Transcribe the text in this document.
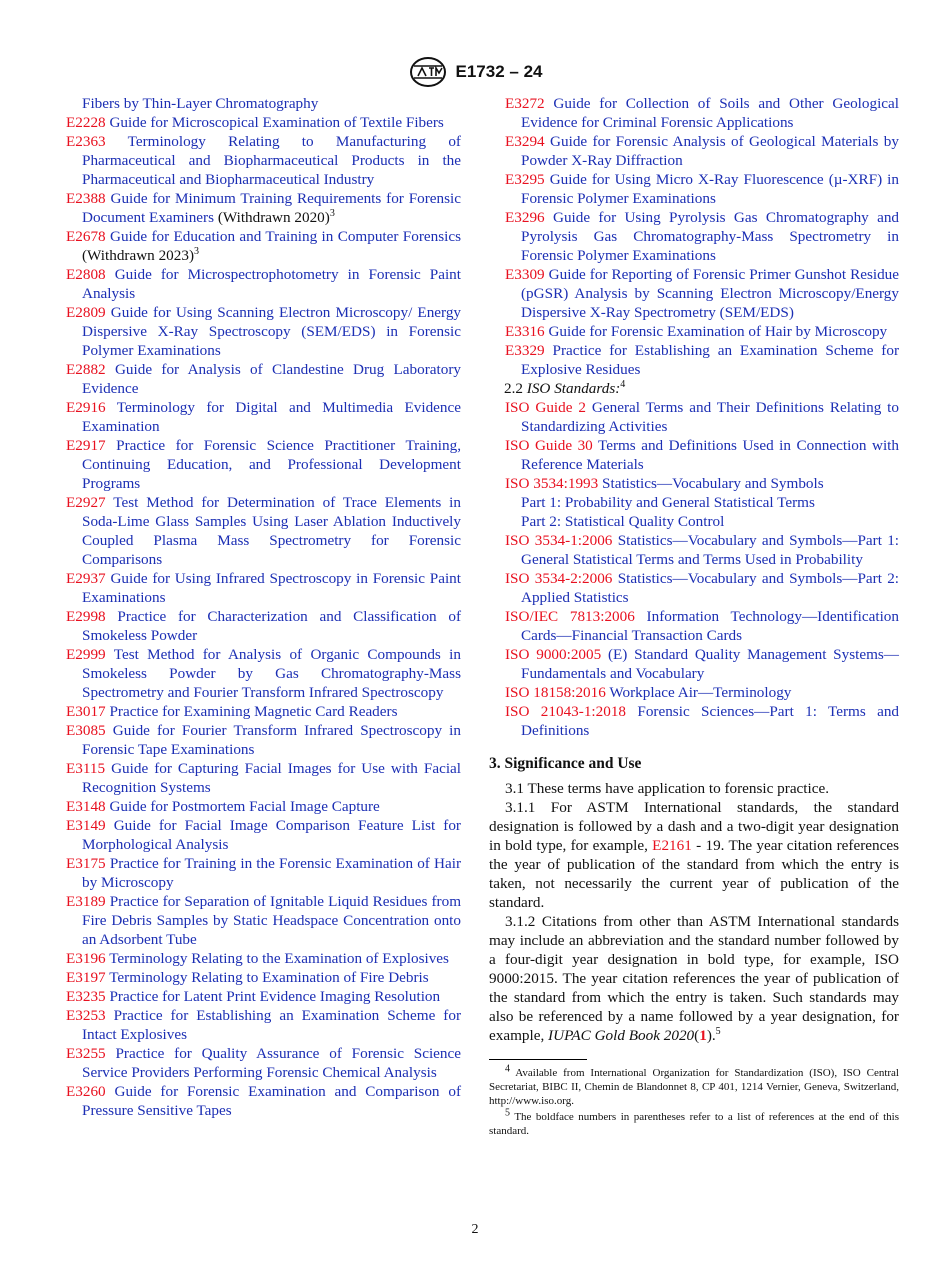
E1732 – 24

Fibers by Thin-Layer Chromatography

E2228 Guide for Microscopical Examination of Textile Fibers

E2363 Terminology Relating to Manufacturing of Pharmaceutical and Biopharmaceutical Products in the Pharmaceutical and Biopharmaceutical Industry

E2388 Guide for Minimum Training Requirements for Forensic Document Examiners (Withdrawn 2020)$^3$

E2678 Guide for Education and Training in Computer Forensics (Withdrawn 2023)$^3$

E2808 Guide for Microspectrophotometry in Forensic Paint Analysis

E2809 Guide for Using Scanning Electron Microscopy/ Energy Dispersive X-Ray Spectroscopy (SEM/EDS) in Forensic Polymer Examinations

E2882 Guide for Analysis of Clandestine Drug Laboratory Evidence

E2916 Terminology for Digital and Multimedia Evidence Examination

E2917 Practice for Forensic Science Practitioner Training, Continuing Education, and Professional Development Programs

E2927 Test Method for Determination of Trace Elements in Soda-Lime Glass Samples Using Laser Ablation Inductively Coupled Plasma Mass Spectrometry for Forensic Comparisons

E2937 Guide for Using Infrared Spectroscopy in Forensic Paint Examinations

E2998 Practice for Characterization and Classification of Smokeless Powder

E2999 Test Method for Analysis of Organic Compounds in Smokeless Powder by Gas Chromatography-Mass Spectrometry and Fourier Transform Infrared Spectroscopy

E3017 Practice for Examining Magnetic Card Readers

E3085 Guide for Fourier Transform Infrared Spectroscopy in Forensic Tape Examinations

E3115 Guide for Capturing Facial Images for Use with Facial Recognition Systems

E3148 Guide for Postmortem Facial Image Capture

E3149 Guide for Facial Image Comparison Feature List for Morphological Analysis

E3175 Practice for Training in the Forensic Examination of Hair by Microscopy

E3189 Practice for Separation of Ignitable Liquid Residues from Fire Debris Samples by Static Headspace Concentration onto an Adsorbent Tube

E3196 Terminology Relating to the Examination of Explosives

E3197 Terminology Relating to Examination of Fire Debris

E3235 Practice for Latent Print Evidence Imaging Resolution

E3253 Practice for Establishing an Examination Scheme for Intact Explosives

E3255 Practice for Quality Assurance of Forensic Science Service Providers Performing Forensic Chemical Analysis

E3260 Guide for Forensic Examination and Comparison of Pressure Sensitive Tapes

E3272 Guide for Collection of Soils and Other Geological Evidence for Criminal Forensic Applications

E3294 Guide for Forensic Analysis of Geological Materials by Powder X-Ray Diffraction

E3295 Guide for Using Micro X-Ray Fluorescence (µ-XRF) in Forensic Polymer Examinations

E3296 Guide for Using Pyrolysis Gas Chromatography and Pyrolysis Gas Chromatography-Mass Spectrometry in Forensic Polymer Examinations

E3309 Guide for Reporting of Forensic Primer Gunshot Residue (pGSR) Analysis by Scanning Electron Microscopy/Energy Dispersive X-Ray Spectrometry (SEM/EDS)

E3316 Guide for Forensic Examination of Hair by Microscopy

E3329 Practice for Establishing an Examination Scheme for Explosive Residues

2.2 ISO Standards:$^4$

ISO Guide 2 General Terms and Their Definitions Relating to Standardizing Activities

ISO Guide 30 Terms and Definitions Used in Connection with Reference Materials

ISO 3534:1993 Statistics—Vocabulary and Symbols

Part 1: Probability and General Statistical Terms

Part 2: Statistical Quality Control

ISO 3534-1:2006 Statistics—Vocabulary and Symbols—Part 1: General Statistical Terms and Terms Used in Probability

ISO 3534-2:2006 Statistics—Vocabulary and Symbols—Part 2: Applied Statistics

ISO/IEC 7813:2006 Information Technology—Identification Cards—Financial Transaction Cards

ISO 9000:2005 (E) Standard Quality Management Systems—Fundamentals and Vocabulary

ISO 18158:2016 Workplace Air—Terminology

ISO 21043-1:2018 Forensic Sciences—Part 1: Terms and Definitions

3. Significance and Use

3.1 These terms have application to forensic practice.

3.1.1 For ASTM International standards, the standard designation is followed by a dash and a two-digit year designation in bold type, for example, E2161 - 19. The year citation references the year of publication of the standard from which the entry is taken, not necessarily the current year of publication of the standard.

3.1.2 Citations from other than ASTM International standards may include an abbreviation and the standard number followed by a four-digit year designation in bold type, for example, ISO 9000:2015. The year citation references the year of publication of the standard from which the entry is taken. Such standards may also be referenced by a name followed by a year designation, for example, IUPAC Gold Book 2020(1).$^5$

$^4$ Available from International Organization for Standardization (ISO), ISO Central Secretariat, BIBC II, Chemin de Blandonnet 8, CP 401, 1214 Vernier, Geneva, Switzerland, http://www.iso.org.

$^5$ The boldface numbers in parentheses refer to a list of references at the end of this standard.

2
